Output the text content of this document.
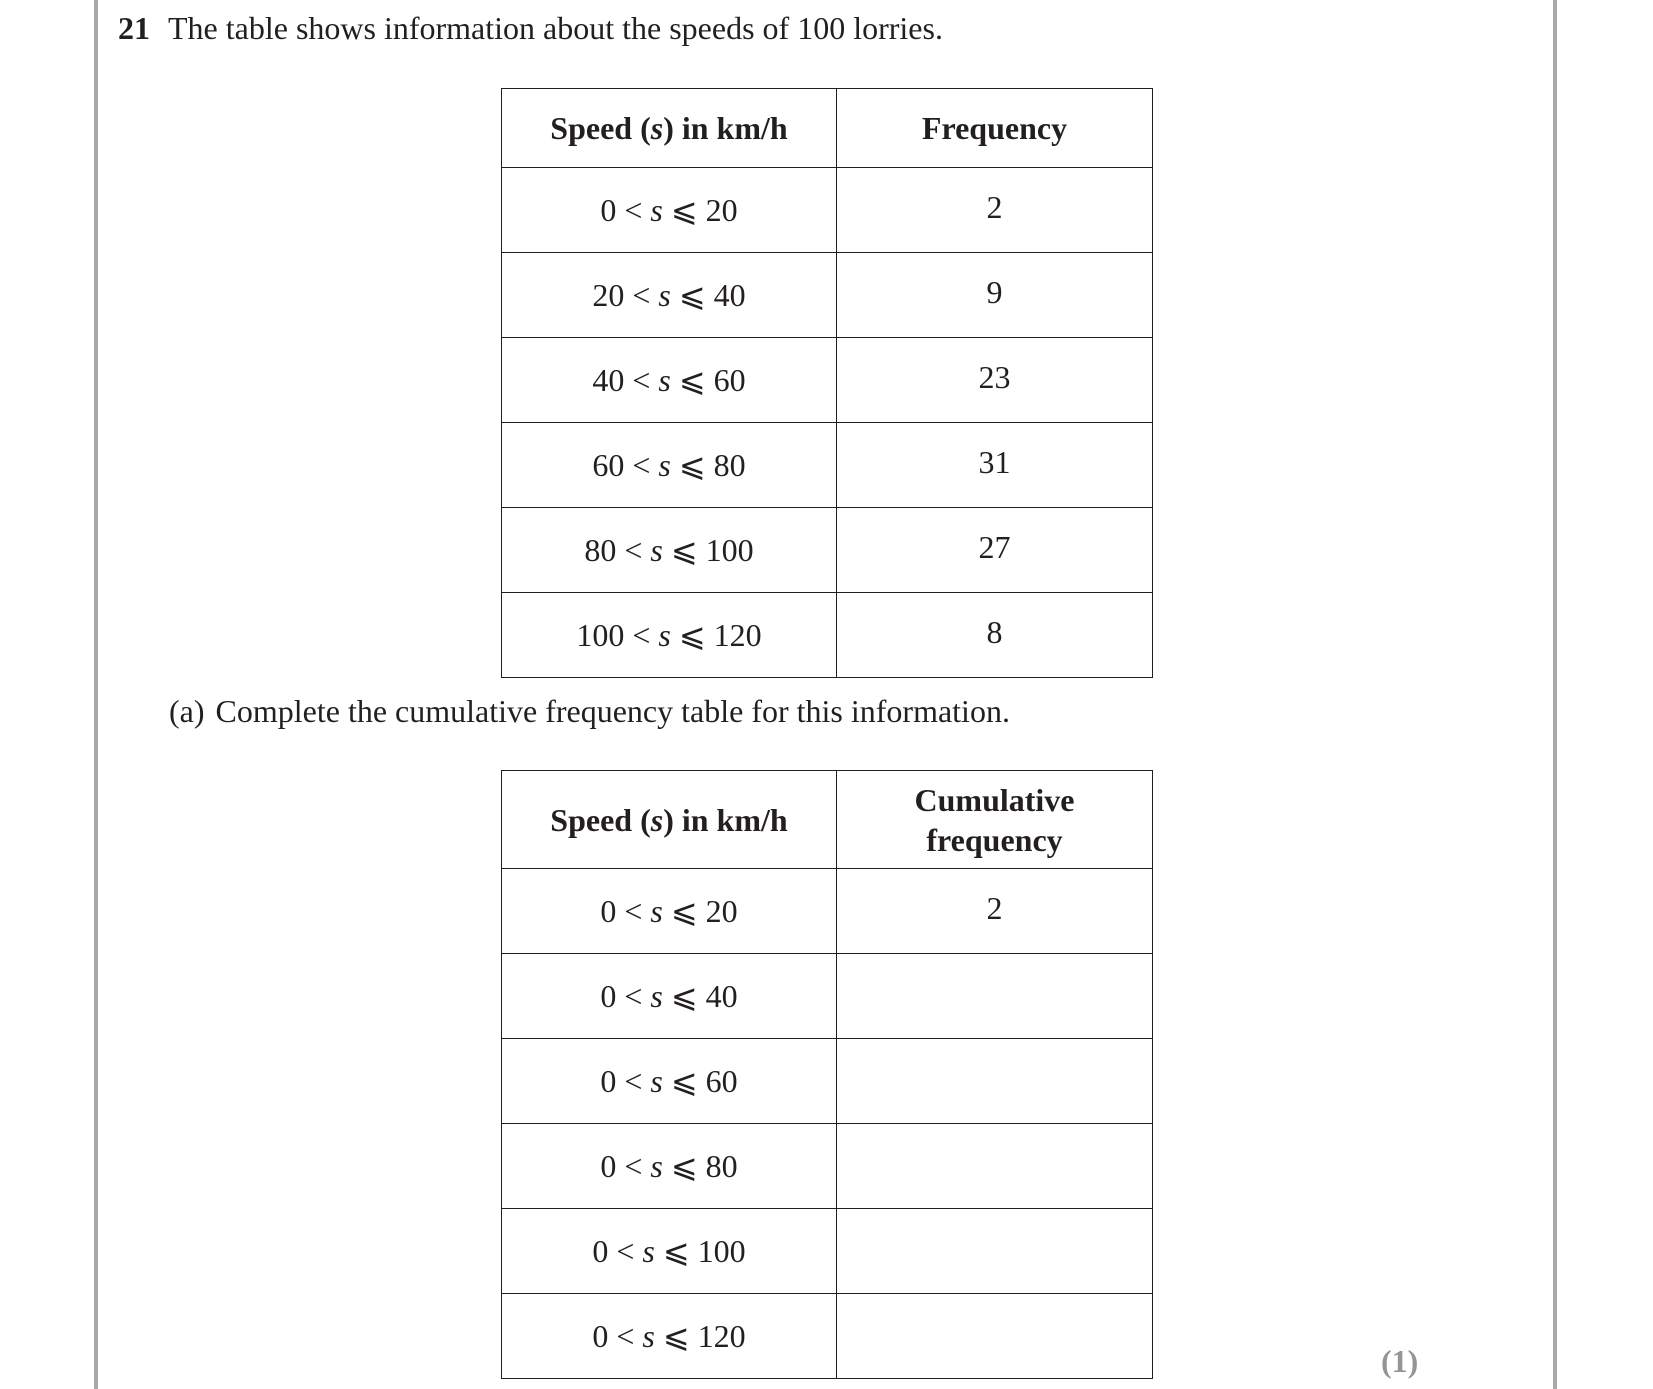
21 The table shows information about the speeds of 100 lorries.
Speed (s) in km/h	Frequency
0 < s ⩽ 20	2
20 < s ⩽ 40	9
40 < s ⩽ 60	23
60 < s ⩽ 80	31
80 < s ⩽ 100	27
100 < s ⩽ 120	8
(a) Complete the cumulative frequency table for this information.
Speed (s) in km/h	Cumulative
frequency
0 < s ⩽ 20	2
0 < s ⩽ 40	
0 < s ⩽ 60	
0 < s ⩽ 80	
0 < s ⩽ 100	
0 < s ⩽ 120	
(1)
